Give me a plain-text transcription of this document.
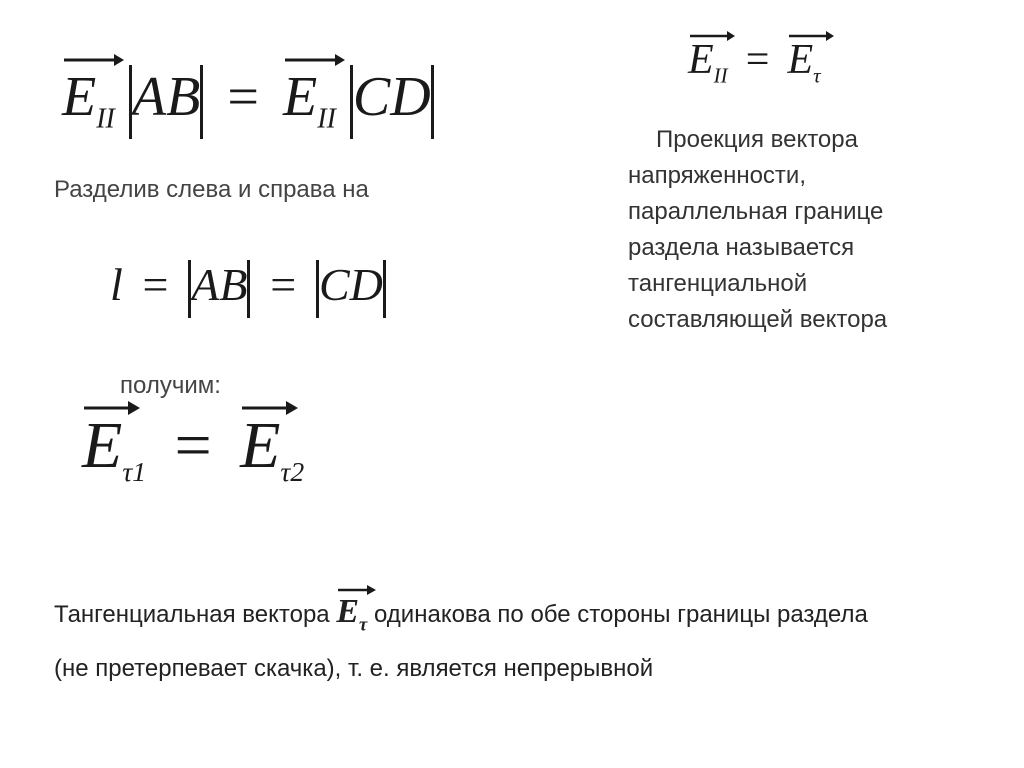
$E_{II}$ AB = $E_{II}$ CD
$E_{II} = E_\tau$
Разделив слева и справа на
l = AB = CD
получим:
$E_{\tau 1} = E_{\tau 2}$

Проекция вектора

напряженности,

параллельная границе

раздела называется

тангенциальной

составляющей вектора

Тангенциальная вектора $E_\tau$ одинакова по обе стороны границы раздела
(не претерпевает скачка), т. е. является непрерывной
